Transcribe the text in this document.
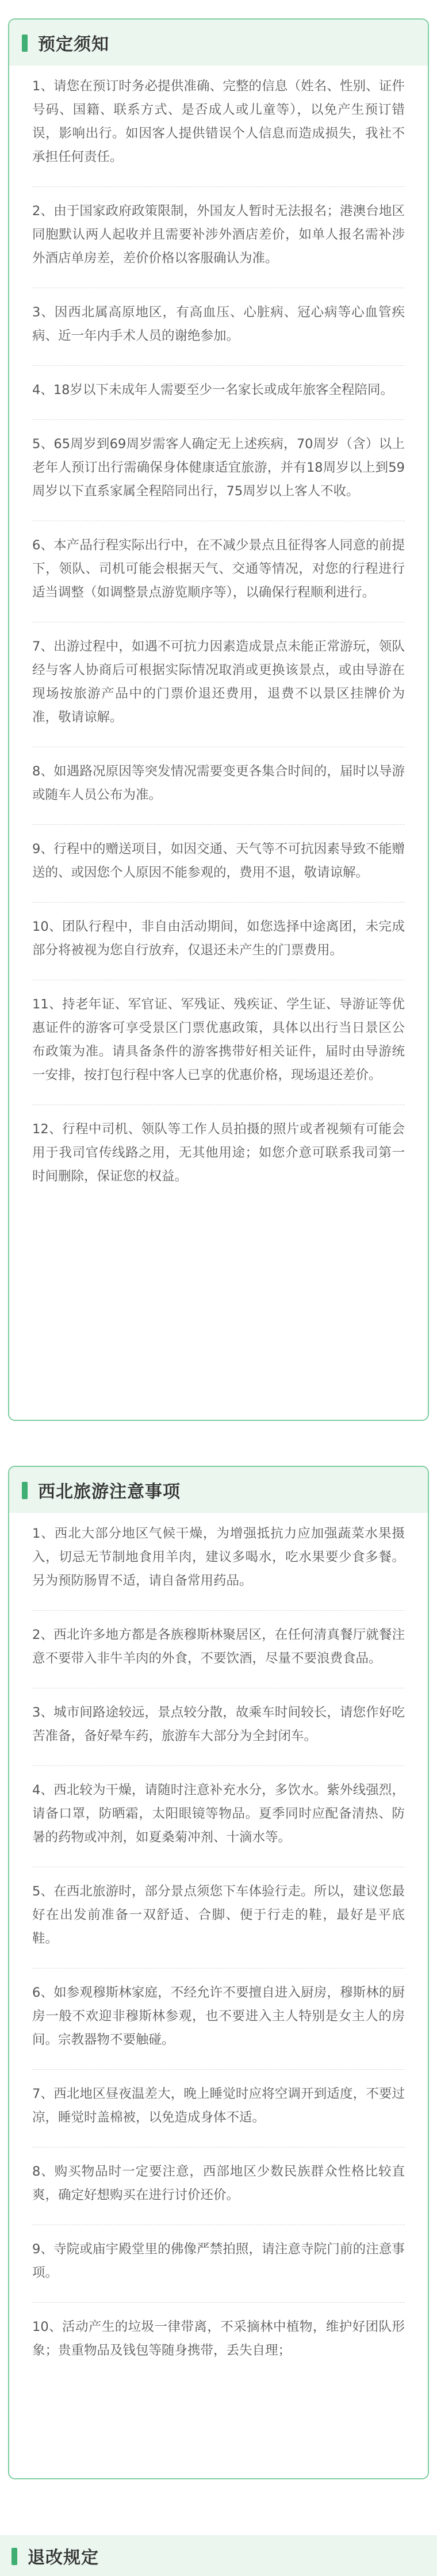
预定须知

1、请您在预订时务必提供准确、完整的信息（姓名、性别、证件号码、国籍、联系方式、是否成人或儿童等），以免产生预订错误，影响出行。如因客人提供错误个人信息而造成损失，我社不承担任何责任。

2、由于国家政府政策限制，外国友人暂时无法报名；港澳台地区同胞默认两人起收并且需要补涉外酒店差价，如单人报名需补涉外酒店单房差，差价价格以客服确认为准。

3、因西北属高原地区，有高血压、心脏病、冠心病等心血管疾病、近一年内手术人员的谢绝参加。

4、18岁以下未成年人需要至少一名家长或成年旅客全程陪同。

5、65周岁到69周岁需客人确定无上述疾病，70周岁（含）以上老年人预订出行需确保身体健康适宜旅游，并有18周岁以上到59周岁以下直系家属全程陪同出行，75周岁以上客人不收。

6、本产品行程实际出行中，在不减少景点且征得客人同意的前提下，领队、司机可能会根据天气、交通等情况，对您的行程进行适当调整（如调整景点游览顺序等），以确保行程顺利进行。

7、出游过程中，如遇不可抗力因素造成景点未能正常游玩，领队经与客人协商后可根据实际情况取消或更换该景点，或由导游在现场按旅游产品中的门票价退还费用，退费不以景区挂牌价为准，敬请谅解。

8、如遇路况原因等突发情况需要变更各集合时间的，届时以导游或随车人员公布为准。

9、行程中的赠送项目，如因交通、天气等不可抗因素导致不能赠送的、或因您个人原因不能参观的，费用不退，敬请谅解。

10、团队行程中，非自由活动期间，如您选择中途离团，未完成部分将被视为您自行放弃，仅退还未产生的门票费用。

11、持老年证、军官证、军残证、残疾证、学生证、导游证等优惠证件的游客可享受景区门票优惠政策，具体以出行当日景区公布政策为准。请具备条件的游客携带好相关证件，届时由导游统一安排，按打包行程中客人已享的优惠价格，现场退还差价。

12、行程中司机、领队等工作人员拍摄的照片或者视频有可能会用于我司官传线路之用，无其他用途；如您介意可联系我司第一时间删除，保证您的权益。

西北旅游注意事项

1、西北大部分地区气候干燥，为增强抵抗力应加强蔬菜水果摄入，切忌无节制地食用羊肉，建议多喝水，吃水果要少食多餐。另为预防肠胃不适，请自备常用药品。

2、西北许多地方都是各族穆斯林聚居区，在任何清真餐厅就餐注意不要带入非牛羊肉的外食，不要饮酒，尽量不要浪费食品。

3、城市间路途较远，景点较分散，故乘车时间较长，请您作好吃苦准备，备好晕车药，旅游车大部分为全封闭车。

4、西北较为干燥，请随时注意补充水分，多饮水。紫外线强烈，请备口罩，防晒霜，太阳眼镜等物品。夏季同时应配备清热、防暑的药物或冲剂，如夏桑菊冲剂、十滴水等。

5、在西北旅游时，部分景点须您下车体验行走。所以，建议您最好在出发前准备一双舒适、合脚、便于行走的鞋，最好是平底鞋。

6、如参观穆斯林家庭，不经允许不要擅自进入厨房，穆斯林的厨房一般不欢迎非穆斯林参观，也不要进入主人特别是女主人的房间。宗教器物不要触碰。

7、西北地区昼夜温差大，晚上睡觉时应将空调开到适度，不要过凉，睡觉时盖棉被，以免造成身体不适。

8、购买物品时一定要注意，西部地区少数民族群众性格比较直爽，确定好想购买在进行讨价还价。

9、寺院或庙宇殿堂里的佛像严禁拍照，请注意寺院门前的注意事项。

10、活动产生的垃圾一律带离，不采摘林中植物，维护好团队形象；贵重物品及钱包等随身携带，丢失自理；

退改规定
